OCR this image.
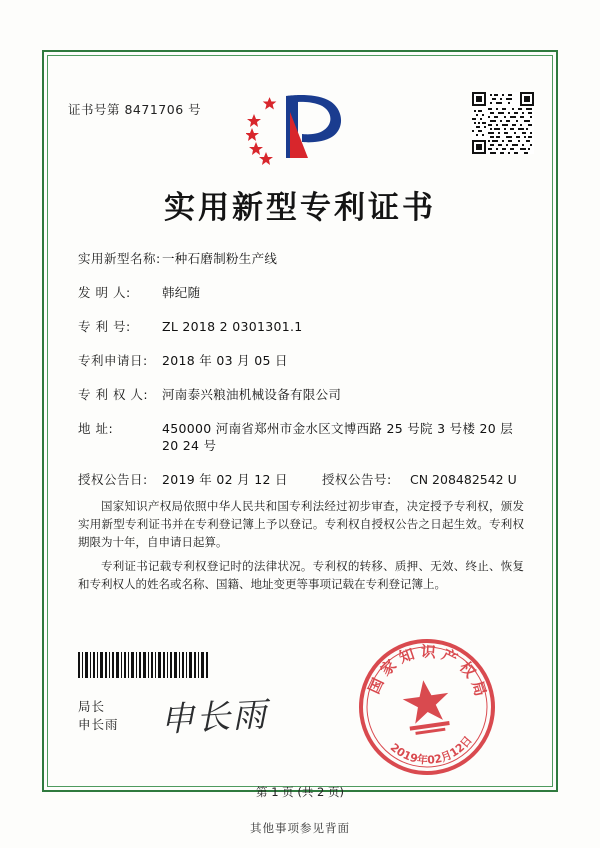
证书号第 8471706 号
实用新型专利证书
实用新型名称: 一种石磨制粉生产线
发 明 人:	韩纪随
专 利 号:	ZL 2018 2 0301301.1
专利申请日:	2018 年 03 月 05 日
专 利 权 人:	河南泰兴粮油机械设备有限公司
地 址:	450000 河南省郑州市金水区文博西路 25 号院 3 号楼 20 层 20 24 号
授权公告日:	2019 年 02 月 12 日	授权公告号:	CN 208482542 U

国家知识产权局依照中华人民共和国专利法经过初步审查，决定授予专利权，颁发实用新型专利证书并在专利登记簿上予以登记。专利权自授权公告之日起生效。专利权期限为十年，自申请日起算。

专利证书记载专利权登记时的法律状况。专利权的转移、质押、无效、终止、恢复和专利权人的姓名或名称、国籍、地址变更等事项记载在专利登记簿上。

局长
申长雨 申长雨
国家知识产权局
2019年02月12日
第 1 页 (共 2 页)
其他事项参见背面
